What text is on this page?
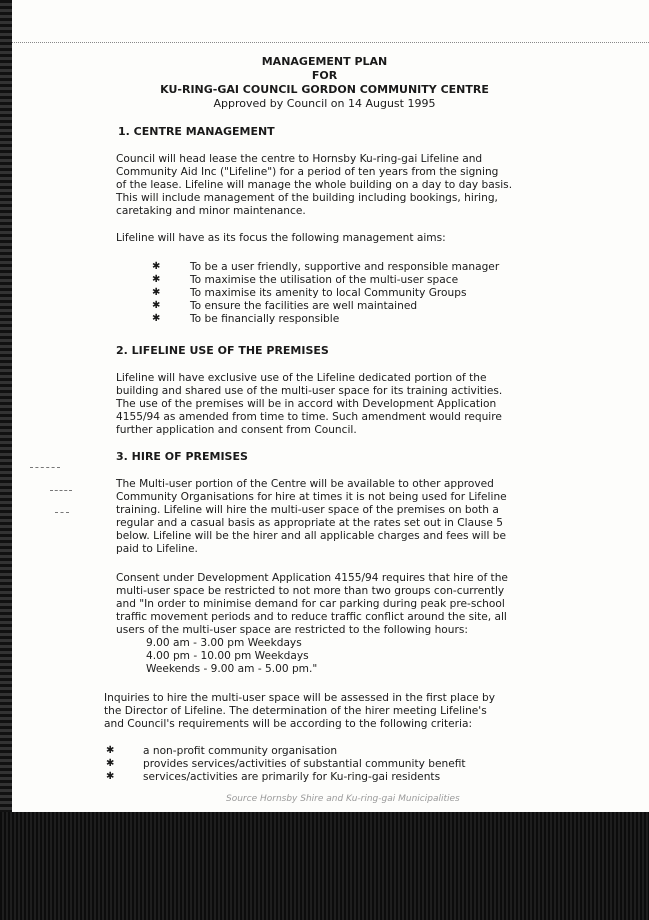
MANAGEMENT PLAN
FOR
KU-RING-GAI COUNCIL GORDON COMMUNITY CENTRE
Approved by Council on 14 August 1995
1. CENTRE MANAGEMENT
Council will head lease the centre to Hornsby Ku-ring-gai Lifeline and
Community Aid Inc ("Lifeline") for a period of ten years from the signing
of the lease. Lifeline will manage the whole building on a day to day basis.
This will include management of the building including bookings, hiring,
caretaking and minor maintenance.
Lifeline will have as its focus the following management aims:
✱	To be a user friendly, supportive and responsible manager
✱	To maximise the utilisation of the multi-user space
✱	To maximise its amenity to local Community Groups
✱	To ensure the facilities are well maintained
✱	To be financially responsible
2. LIFELINE USE OF THE PREMISES
Lifeline will have exclusive use of the Lifeline dedicated portion of the
building and shared use of the multi-user space for its training activities.
The use of the premises will be in accord with Development Application
4155/94 as amended from time to time. Such amendment would require
further application and consent from Council.
3. HIRE OF PREMISES
The Multi-user portion of the Centre will be available to other approved
Community Organisations for hire at times it is not being used for Lifeline
training. Lifeline will hire the multi-user space of the premises on both a
regular and a casual basis as appropriate at the rates set out in Clause 5
below. Lifeline will be the hirer and all applicable charges and fees will be
paid to Lifeline.
Consent under Development Application 4155/94 requires that hire of the
multi-user space be restricted to not more than two groups con-currently
and "In order to minimise demand for car parking during peak pre-school
traffic movement periods and to reduce traffic conflict around the site, all
users of the multi-user space are restricted to the following hours:
9.00 am - 3.00 pm Weekdays
4.00 pm - 10.00 pm Weekdays
Weekends - 9.00 am - 5.00 pm."
Inquiries to hire the multi-user space will be assessed in the first place by
the Director of Lifeline. The determination of the hirer meeting Lifeline's
and Council's requirements will be according to the following criteria:
✱	a non-profit community organisation
✱	provides services/activities of substantial community benefit
✱	services/activities are primarily for Ku-ring-gai residents
Source Hornsby Shire and Ku-ring-gai Municipalities
